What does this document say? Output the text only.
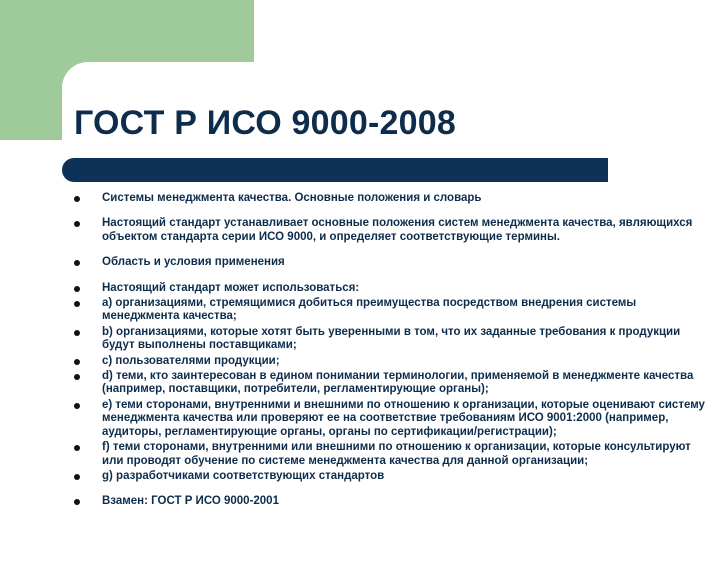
ГОСТ Р ИСО 9000-2008
Системы менеджмента качества. Основные положения и словарь
Настоящий стандарт устанавливает основные положения систем менеджмента качества, являющихся объектом стандарта серии ИСО 9000, и определяет соответствующие термины.
Область и условия применения
Настоящий стандарт может использоваться:
а) организациями, стремящимися добиться преимущества посредством внедрения системы менеджмента качества;
b) организациями, которые хотят быть уверенными в том, что их заданные требования к продукции будут выполнены поставщиками;
с) пользователями продукции;
d) теми, кто заинтересован в едином понимании терминологии, применяемой в менеджменте качества (например, поставщики, потребители, регламентирующие органы);
е) теми сторонами, внутренними и внешними по отношению к организации, которые оценивают систему менеджмента качества или проверяют ее на соответствие требованиям ИСО 9001:2000 (например, аудиторы, регламентирующие органы, органы по сертификации/регистрации);
f) теми сторонами, внутренними или внешними по отношению к организации, которые консультируют или проводят обучение по системе менеджмента качества для данной организации;
g) разработчиками соответствующих стандартов
Взамен: ГОСТ Р ИСО 9000-2001
